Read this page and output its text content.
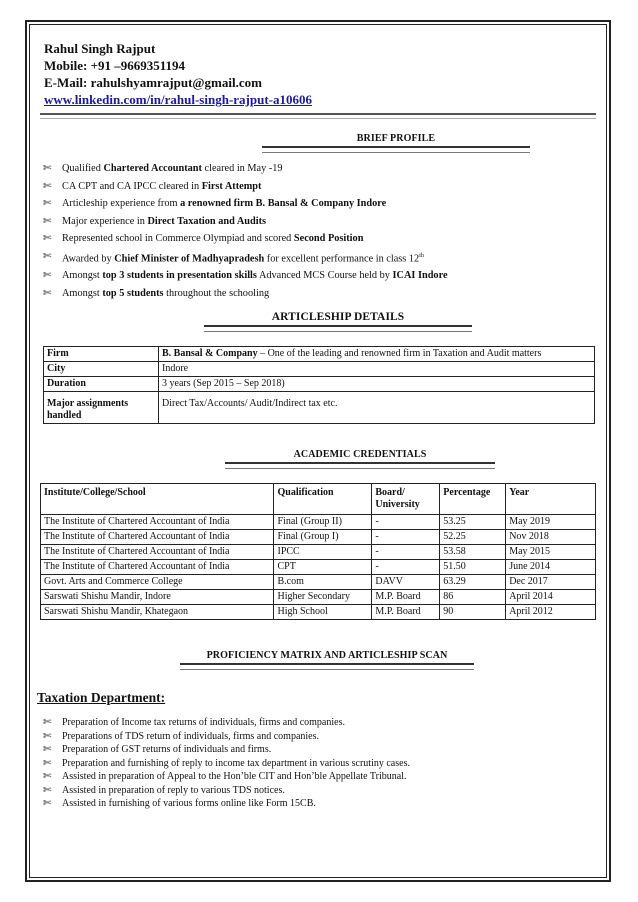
Rahul Singh Rajput
Mobile: +91 –9669351194
E-Mail: rahulshyamrajput@gmail.com
www.linkedin.com/in/rahul-singh-rajput-a10606

BRIEF PROFILE

✄ Qualified Chartered Accountant cleared in May -19
✄ CA CPT and CA IPCC cleared in First Attempt
✄ Articleship experience from a renowned firm B. Bansal & Company Indore
✄ Major experience in Direct Taxation and Audits
✄ Represented school in Commerce Olympiad and scored Second Position
✄ Awarded by Chief Minister of Madhyapradesh for excellent performance in class 12th
✄ Amongst top 3 students in presentation skills Advanced MCS Course held by ICAI Indore
✄ Amongst top 5 students throughout the schooling

ARTICLESHIP DETAILS

Firm	B. Bansal & Company – One of the leading and renowned firm in Taxation and Audit matters
City	Indore
Duration	3 years (Sep 2015 – Sep 2018)
Major assignments handled	Direct Tax/Accounts/ Audit/Indirect tax etc.

ACADEMIC CREDENTIALS

Institute/College/School	Qualification	Board/ University	Percentage	Year
The Institute of Chartered Accountant of India	Final (Group II)	-	53.25	May 2019
The Institute of Chartered Accountant of India	Final (Group I)	-	52.25	Nov 2018
The Institute of Chartered Accountant of India	IPCC	-	53.58	May 2015
The Institute of Chartered Accountant of India	CPT	-	51.50	June 2014
Govt. Arts and Commerce College	B.com	DAVV	63.29	Dec 2017
Sarswati Shishu Mandir, Indore	Higher Secondary	M.P. Board	86	April 2014
Sarswati Shishu Mandir, Khategaon	High School	M.P. Board	90	April 2012

PROFICIENCY MATRIX AND ARTICLESHIP SCAN

Taxation Department:
✄ Preparation of Income tax returns of individuals, firms and companies.
✄ Preparations of TDS return of individuals, firms and companies.
✄ Preparation of GST returns of individuals and firms.
✄ Preparation and furnishing of reply to income tax department in various scrutiny cases.
✄ Assisted in preparation of Appeal to the Hon’ble CIT and Hon’ble Appellate Tribunal.
✄ Assisted in preparation of reply to various TDS notices.
✄ Assisted in furnishing of various forms online like Form 15CB.
